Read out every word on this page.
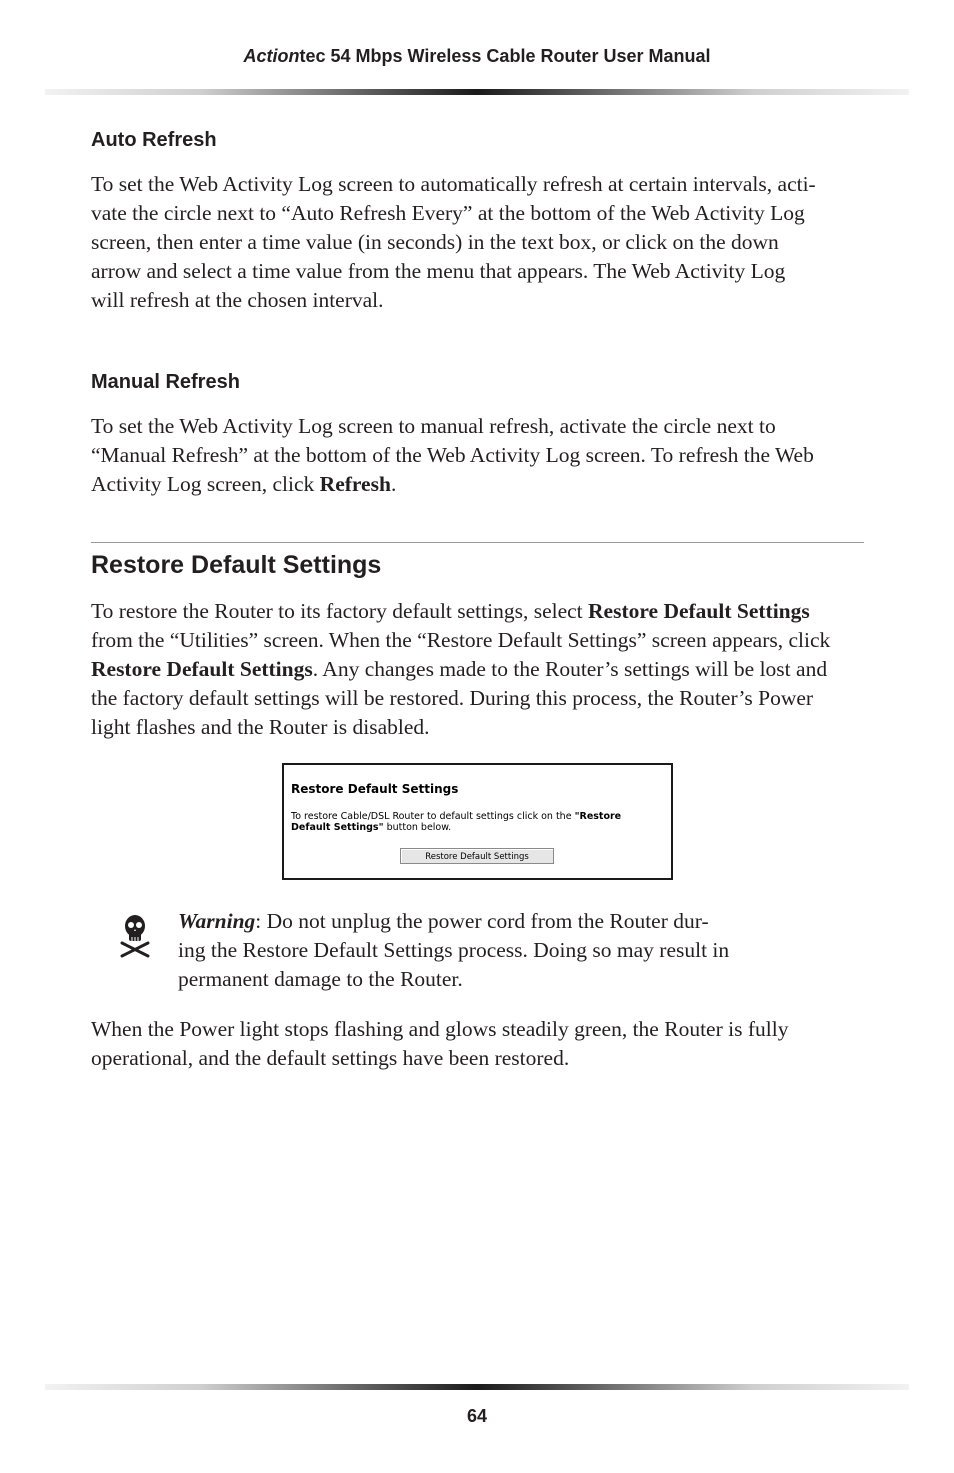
Actiontec 54 Mbps Wireless Cable Router User Manual
Auto Refresh
To set the Web Activity Log screen to automatically refresh at certain intervals, acti-
vate the circle next to “Auto Refresh Every” at the bottom of the Web Activity Log
screen, then enter a time value (in seconds) in the text box, or click on the down
arrow and select a time value from the menu that appears. The Web Activity Log
will refresh at the chosen interval.
Manual Refresh
To set the Web Activity Log screen to manual refresh, activate the circle next to
“Manual Refresh” at the bottom of the Web Activity Log screen. To refresh the Web
Activity Log screen, click Refresh.
Restore Default Settings
To restore the Router to its factory default settings, select Restore Default Settings
from the “Utilities” screen. When the “Restore Default Settings” screen appears, click
Restore Default Settings. Any changes made to the Router’s settings will be lost and
the factory default settings will be restored. During this process, the Router’s Power
light flashes and the Router is disabled.
Restore Default Settings
To restore Cable/DSL Router to default settings click on the "Restore Default Settings" button below.
Restore Default Settings
Warning: Do not unplug the power cord from the Router dur-
ing the Restore Default Settings process. Doing so may result in
permanent damage to the Router.
When the Power light stops flashing and glows steadily green, the Router is fully
operational, and the default settings have been restored.
64
